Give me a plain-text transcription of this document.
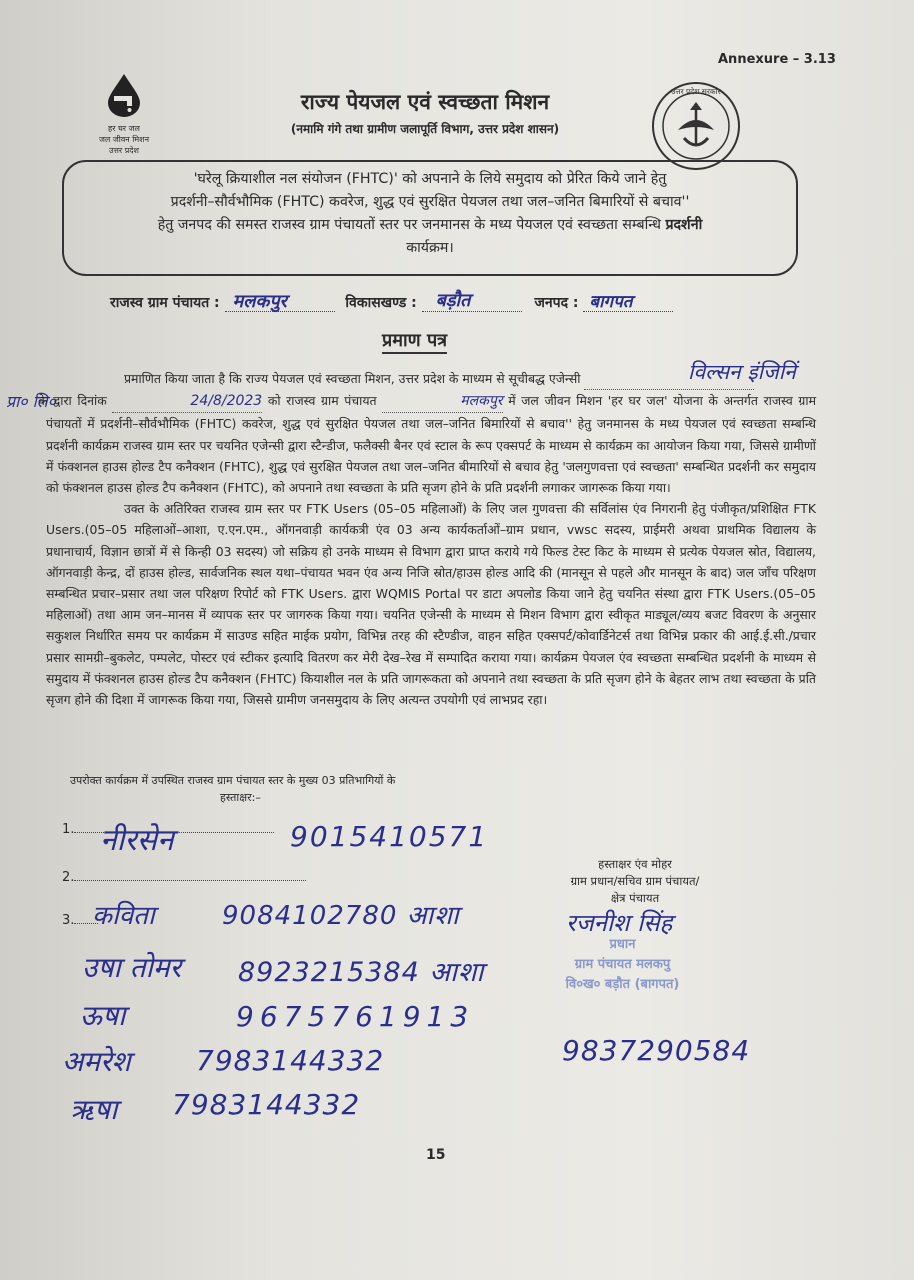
Annexure – 3.13
हर घर जल
जल जीवन मिशन
उत्तर प्रदेश
राज्य पेयजल एवं स्वच्छता मिशन
(नमामि गंगे तथा ग्रामीण जलापूर्ति विभाग, उत्तर प्रदेश शासन)
उत्तर प्रदेश सरकार
'घरेलू क्रियाशील नल संयोजन (FHTC)' को अपनाने के लिये समुदाय को प्रेरित किये जाने हेतु
प्रदर्शनी–सौर्वभौमिक (FHTC) कवरेज, शुद्ध एवं सुरक्षित पेयजल तथा जल–जनित बिमारियों से बचाव''
हेतु जनपद की समस्त राजस्व ग्राम पंचायतों स्तर पर जनमानस के मध्य पेयजल एवं स्वच्छता सम्बन्धि प्रदर्शनी
कार्यक्रम।
राजस्व ग्राम पंचायत : मलकपुर	विकासखण्ड : बड़ौत	जनपद : बागपत

प्रमाण पत्र
विल्सन इंजिनिं
प्रा० लि०

प्रमाणित किया जाता है कि राज्य पेयजल एवं स्वच्छता मिशन, उत्तर प्रदेश के माध्यम से सूचीबद्ध एजेन्सी
के द्वारा दिनांक	24/8/2023 को राजस्व ग्राम पंचायत	मलकपुर में जल जीवन मिशन 'हर घर जल' योजना के अन्तर्गत राजस्व ग्राम पंचायतों में प्रदर्शनी–सौर्वभौमिक (FHTC) कवरेज, शुद्ध एवं सुरक्षित पेयजल तथा जल–जनित बिमारियों से बचाव'' हेतु जनमानस के मध्य पेयजल एवं स्वच्छता सम्बन्धि प्रदर्शनी कार्यक्रम राजस्व ग्राम स्तर पर चयनित एजेन्सी द्वारा स्टैन्डीज, फलैक्सी बैनर एवं स्टाल के रूप एक्सपर्ट के माध्यम से कार्यक्रम का आयोजन किया गया, जिससे ग्रामीणों में फंक्शनल हाउस होल्ड टैप कनैक्शन (FHTC), शुद्ध एवं सुरक्षित पेयजल तथा जल–जनित बीमारियों से बचाव हेतु 'जलगुणवत्ता एवं स्वच्छता' सम्बन्धित प्रदर्शनी कर समुदाय को फंक्शनल हाउस होल्ड टैप कनैक्शन (FHTC), को अपनाने तथा स्वच्छता के प्रति सृजग होने के प्रति प्रदर्शनी लगाकर जागरूक किया गया।

उक्त के अतिरिक्त राजस्व ग्राम स्तर पर FTK Users (05–05 महिलाओं) के लिए जल गुणवत्ता की सर्विलांस एंव निगरानी हेतु पंजीकृत/प्रशिक्षित FTK Users.(05–05 महिलाओं–आशा, ए.एन.एम., ऑगनवाड़ी कार्यकत्री एंव 03 अन्य कार्यकर्ताओं–ग्राम प्रधान, vwsc सदस्य, प्राईमरी अथवा प्राथमिक विद्यालय के प्रधानाचार्य, विज्ञान छात्रों में से किन्ही 03 सदस्य) जो सक्रिय हो उनके माध्यम से विभाग द्वारा प्राप्त कराये गये फिल्ड टेस्ट किट के माध्यम से प्रत्येक पेयजल स्रोत, विद्यालय, ऑगनवाड़ी केन्द्र, दों हाउस होल्ड, सार्वजनिक स्थल यथा–पंचायत भवन एंव अन्य निजि स्रोत/हाउस होल्ड आदि की (मानसून से पहले और मानसून के बाद) जल जाँच परिक्षण सम्बन्धित प्रचार–प्रसार तथा जल परिक्षण रिपोर्ट को FTK Users. द्वारा WQMIS Portal पर डाटा अपलोड किया जाने हेतु चयनित संस्था द्वारा FTK Users.(05–05 महिलाओं) तथा आम जन–मानस में व्यापक स्तर पर जागरुक किया गया। चयनित एजेन्सी के माध्यम से मिशन विभाग द्वारा स्वीकृत माड्यूल/व्यय बजट विवरण के अनुसार सकुशल निर्धारित समय पर कार्यक्रम में साउण्ड सहित माईक प्रयोग, विभिन्न तरह की स्टैण्डीज, वाहन सहित एक्सपर्ट/कोवार्डिनेटर्स तथा विभिन्न प्रकार की आई.ई.सी./प्रचार प्रसार सामग्री–बुकलेट, पम्पलेट, पोस्टर एवं स्टीकर इत्यादि वितरण कर मेरी देख–रेख में सम्पादित कराया गया। कार्यक्रम पेयजल एंव स्वच्छता सम्बन्धित प्रदर्शनी के माध्यम से समुदाय में फंक्शनल हाउस होल्ड टैप कनैक्शन (FHTC) कियाशील नल के प्रति जागरूकता को अपनाने तथा स्वच्छता के प्रति सृजग होने के बेहतर लाभ तथा स्वच्छता के प्रति सृजग होने की दिशा में जागरूक किया गया, जिससे ग्रामीण जनसमुदाय के लिए अत्यन्त उपयोगी एवं लाभप्रद रहा।

उपरोक्त कार्यक्रम में उपस्थित राजस्व ग्राम पंचायत स्तर के मुख्य 03 प्रतिभागियों के
हस्ताक्षर:–
1.
2.
3.
नीरसेन	9015410571
कविता	9084102780 आशा
उषा तोमर 8923215384 आशा
ऊषा	9675761913
अमरेश 7983144332
ऋषा 7983144332
हस्ताक्षर एंव मोहर
ग्राम प्रधान/सचिव ग्राम पंचायत/
क्षेत्र पंचायत
रजनीश सिंह
प्रधान
ग्राम पंचायत मलकपु
वि०ख० बड़ौत (बागपत)
9837290584
15
